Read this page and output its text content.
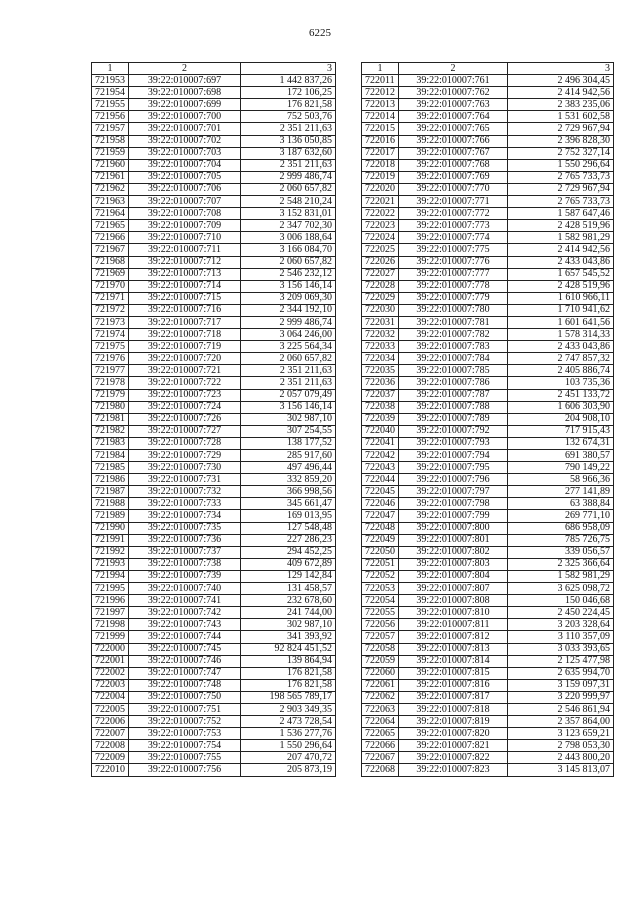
6225
1	2	3
721953	39:22:010007:697	1 442 837,26
721954	39:22:010007:698	172 106,25
721955	39:22:010007:699	176 821,58
721956	39:22:010007:700	752 503,76
721957	39:22:010007:701	2 351 211,63
721958	39:22:010007:702	3 136 050,85
721959	39:22:010007:703	3 187 632,60
721960	39:22:010007:704	2 351 211,63
721961	39:22:010007:705	2 999 486,74
721962	39:22:010007:706	2 060 657,82
721963	39:22:010007:707	2 548 210,24
721964	39:22:010007:708	3 152 831,01
721965	39:22:010007:709	2 347 702,30
721966	39:22:010007:710	3 006 188,64
721967	39:22:010007:711	3 166 084,70
721968	39:22:010007:712	2 060 657,82
721969	39:22:010007:713	2 546 232,12
721970	39:22:010007:714	3 156 146,14
721971	39:22:010007:715	3 209 069,30
721972	39:22:010007:716	2 344 192,10
721973	39:22:010007:717	2 999 486,74
721974	39:22:010007:718	3 064 246,00
721975	39:22:010007:719	3 225 564,34
721976	39:22:010007:720	2 060 657,82
721977	39:22:010007:721	2 351 211,63
721978	39:22:010007:722	2 351 211,63
721979	39:22:010007:723	2 057 079,49
721980	39:22:010007:724	3 156 146,14
721981	39:22:010007:726	302 987,10
721982	39:22:010007:727	307 254,55
721983	39:22:010007:728	138 177,52
721984	39:22:010007:729	285 917,60
721985	39:22:010007:730	497 496,44
721986	39:22:010007:731	332 859,20
721987	39:22:010007:732	366 998,56
721988	39:22:010007:733	345 661,47
721989	39:22:010007:734	169 013,95
721990	39:22:010007:735	127 548,48
721991	39:22:010007:736	227 286,23
721992	39:22:010007:737	294 452,25
721993	39:22:010007:738	409 672,89
721994	39:22:010007:739	129 142,84
721995	39:22:010007:740	131 458,57
721996	39:22:010007:741	232 678,60
721997	39:22:010007:742	241 744,00
721998	39:22:010007:743	302 987,10
721999	39:22:010007:744	341 393,92
722000	39:22:010007:745	92 824 451,52
722001	39:22:010007:746	139 864,94
722002	39:22:010007:747	176 821,58
722003	39:22:010007:748	176 821,58
722004	39:22:010007:750	198 565 789,17
722005	39:22:010007:751	2 903 349,35
722006	39:22:010007:752	2 473 728,54
722007	39:22:010007:753	1 536 277,76
722008	39:22:010007:754	1 550 296,64
722009	39:22:010007:755	207 470,72
722010	39:22:010007:756	205 873,19
1	2	3
722011	39:22:010007:761	2 496 304,45
722012	39:22:010007:762	2 414 942,56
722013	39:22:010007:763	2 383 235,06
722014	39:22:010007:764	1 531 602,58
722015	39:22:010007:765	2 729 967,94
722016	39:22:010007:766	2 396 828,30
722017	39:22:010007:767	2 752 327,14
722018	39:22:010007:768	1 550 296,64
722019	39:22:010007:769	2 765 733,73
722020	39:22:010007:770	2 729 967,94
722021	39:22:010007:771	2 765 733,73
722022	39:22:010007:772	1 587 647,46
722023	39:22:010007:773	2 428 519,96
722024	39:22:010007:774	1 582 981,29
722025	39:22:010007:775	2 414 942,56
722026	39:22:010007:776	2 433 043,86
722027	39:22:010007:777	1 657 545,52
722028	39:22:010007:778	2 428 519,96
722029	39:22:010007:779	1 610 966,11
722030	39:22:010007:780	1 710 941,62
722031	39:22:010007:781	1 601 641,56
722032	39:22:010007:782	1 578 314,33
722033	39:22:010007:783	2 433 043,86
722034	39:22:010007:784	2 747 857,32
722035	39:22:010007:785	2 405 886,74
722036	39:22:010007:786	103 735,36
722037	39:22:010007:787	2 451 133,72
722038	39:22:010007:788	1 606 303,90
722039	39:22:010007:789	204 908,10
722040	39:22:010007:792	717 915,43
722041	39:22:010007:793	132 674,31
722042	39:22:010007:794	691 380,57
722043	39:22:010007:795	790 149,22
722044	39:22:010007:796	58 966,36
722045	39:22:010007:797	277 141,89
722046	39:22:010007:798	63 388,84
722047	39:22:010007:799	269 771,10
722048	39:22:010007:800	686 958,09
722049	39:22:010007:801	785 726,75
722050	39:22:010007:802	339 056,57
722051	39:22:010007:803	2 325 366,64
722052	39:22:010007:804	1 582 981,29
722053	39:22:010007:807	3 625 098,72
722054	39:22:010007:808	150 046,68
722055	39:22:010007:810	2 450 224,45
722056	39:22:010007:811	3 203 328,64
722057	39:22:010007:812	3 110 357,09
722058	39:22:010007:813	3 033 393,65
722059	39:22:010007:814	2 125 477,98
722060	39:22:010007:815	2 635 994,70
722061	39:22:010007:816	3 159 097,31
722062	39:22:010007:817	3 220 999,97
722063	39:22:010007:818	2 546 861,94
722064	39:22:010007:819	2 357 864,00
722065	39:22:010007:820	3 123 659,21
722066	39:22:010007:821	2 798 053,30
722067	39:22:010007:822	2 443 800,20
722068	39:22:010007:823	3 145 813,07
